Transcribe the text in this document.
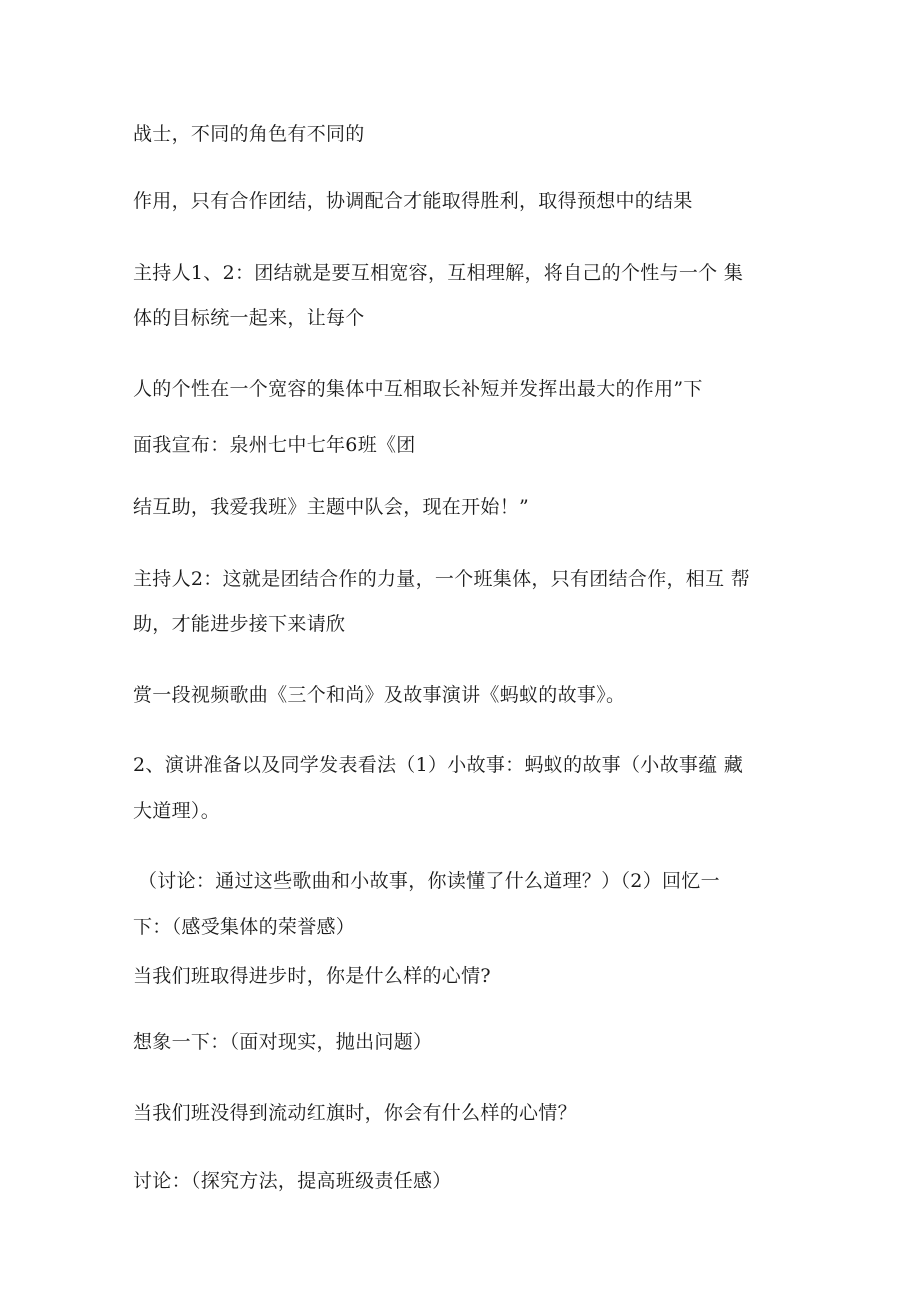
战士，不同的角色有不同的
作用，只有合作团结，协调配合才能取得胜利，取得预想中的结果
主持人1、2：团结就是要互相宽容，互相理解，将自己的个性与一个 集
体的目标统一起来，让每个
人的个性在一个宽容的集体中互相取长补短并发挥出最大的作用”下
面我宣布：泉州七中七年6班《团
结互助，我爱我班》主题中队会，现在开始！”
主持人2：这就是团结合作的力量，一个班集体，只有团结合作，相互 帮
助，才能进步接下来请欣
赏一段视频歌曲《三个和尚》及故事演讲《蚂蚁的故事》。
2、演讲准备以及同学发表看法（1）小故事：蚂蚁的故事（小故事蕴 藏
大道理）。
（讨论：通过这些歌曲和小故事，你读懂了什么道理？）（2）回忆一
下：（感受集体的荣誉感）
当我们班取得进步时，你是什么样的心情?
想象一下：（面对现实，抛出问题）
当我们班没得到流动红旗时，你会有什么样的心情？
讨论：（探究方法，提高班级责任感）
